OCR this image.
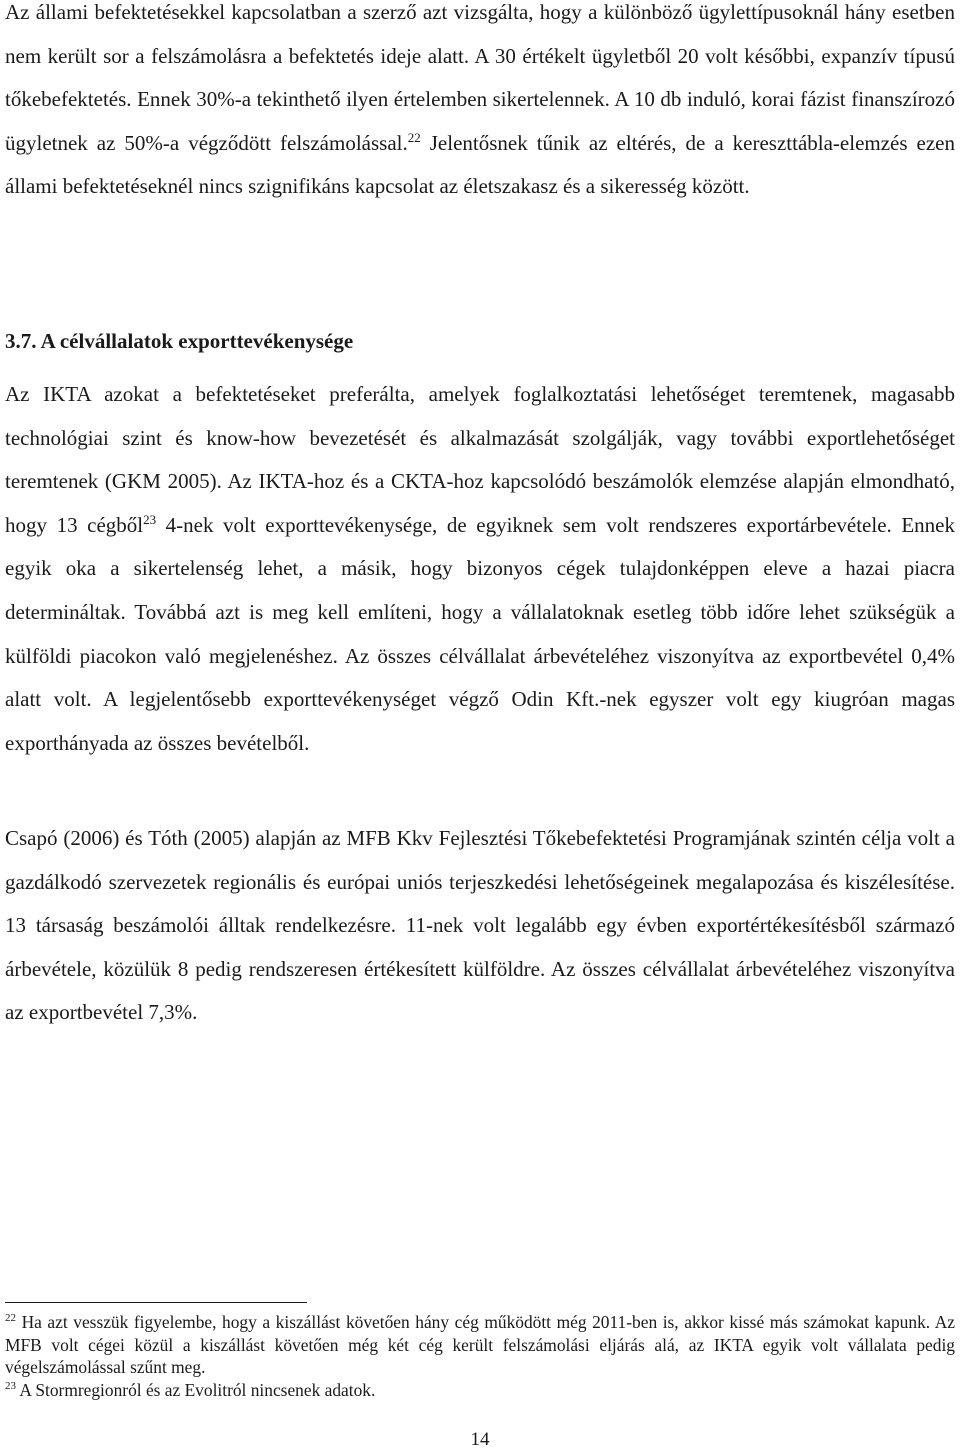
Az állami befektetésekkel kapcsolatban a szerző azt vizsgálta, hogy a különböző ügylettípusoknál hány esetben nem került sor a felszámolásra a befektetés ideje alatt. A 30 értékelt ügyletből 20 volt későbbi, expanzív típusú tőkebefektetés. Ennek 30%-a tekinthető ilyen értelemben sikertelennek. A 10 db induló, korai fázist finanszírozó ügyletnek az 50%-a végződött felszámolással.$^{22}$ Jelentősnek tűnik az eltérés, de a kereszttábla-elemzés ezen állami befektetéseknél nincs szignifikáns kapcsolat az életszakasz és a sikeresség között.

3.7. A célvállalatok exporttevékenysége

Az IKTA azokat a befektetéseket preferálta, amelyek foglalkoztatási lehetőséget teremtenek, magasabb technológiai szint és know-how bevezetését és alkalmazását szolgálják, vagy további exportlehetőséget teremtenek (GKM 2005). Az IKTA-hoz és a CKTA-hoz kapcsolódó beszámolók elemzése alapján elmondható, hogy 13 cégből$^{23}$ 4-nek volt exporttevékenysége, de egyiknek sem volt rendszeres exportárbevétele. Ennek egyik oka a sikertelenség lehet, a másik, hogy bizonyos cégek tulajdonképpen eleve a hazai piacra determináltak. Továbbá azt is meg kell említeni, hogy a vállalatoknak esetleg több időre lehet szükségük a külföldi piacokon való megjelenéshez. Az összes célvállalat árbevételéhez viszonyítva az exportbevétel 0,4% alatt volt. A legjelentősebb exporttevékenységet végző Odin Kft.-nek egyszer volt egy kiugróan magas exporthányada az összes bevételből.

Csapó (2006) és Tóth (2005) alapján az MFB Kkv Fejlesztési Tőkebefektetési Programjának szintén célja volt a gazdálkodó szervezetek regionális és európai uniós terjeszkedési lehetőségeinek megalapozása és kiszélesítése. 13 társaság beszámolói álltak rendelkezésre. 11-nek volt legalább egy évben exportértékesítésből származó árbevétele, közülük 8 pedig rendszeresen értékesített külföldre. Az összes célvállalat árbevételéhez viszonyítva az exportbevétel 7,3%.

$^{22}$ Ha azt vesszük figyelembe, hogy a kiszállást követően hány cég működött még 2011-ben is, akkor kissé más számokat kapunk. Az MFB volt cégei közül a kiszállást követően még két cég került felszámolási eljárás alá, az IKTA egyik volt vállalata pedig végelszámolással szűnt meg.

$^{23}$ A Stormregionról és az Evolitról nincsenek adatok.

14
